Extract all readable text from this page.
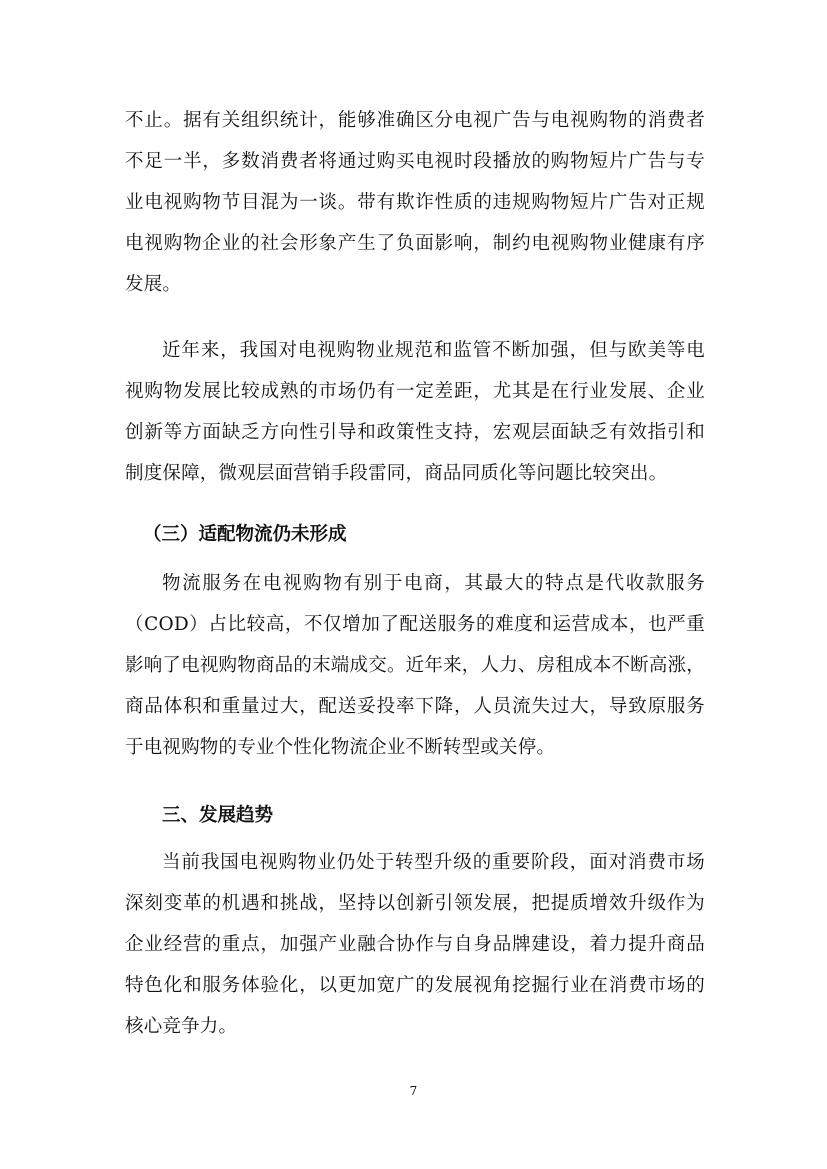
不止。据有关组织统计，能够准确区分电视广告与电视购物的消费者
不足一半，多数消费者将通过购买电视时段播放的购物短片广告与专
业电视购物节目混为一谈。带有欺诈性质的违规购物短片广告对正规
电视购物企业的社会形象产生了负面影响，制约电视购物业健康有序
发展。
近年来，我国对电视购物业规范和监管不断加强，但与欧美等电
视购物发展比较成熟的市场仍有一定差距，尤其是在行业发展、企业
创新等方面缺乏方向性引导和政策性支持，宏观层面缺乏有效指引和
制度保障，微观层面营销手段雷同，商品同质化等问题比较突出。
（三）适配物流仍未形成
物流服务在电视购物有别于电商，其最大的特点是代收款服务
（COD）占比较高，不仅增加了配送服务的难度和运营成本，也严重
影响了电视购物商品的末端成交。近年来，人力、房租成本不断高涨，
商品体积和重量过大，配送妥投率下降，人员流失过大，导致原服务
于电视购物的专业个性化物流企业不断转型或关停。
三、发展趋势
当前我国电视购物业仍处于转型升级的重要阶段，面对消费市场
深刻变革的机遇和挑战，坚持以创新引领发展，把提质增效升级作为
企业经营的重点，加强产业融合协作与自身品牌建设，着力提升商品
特色化和服务体验化，以更加宽广的发展视角挖掘行业在消费市场的
核心竞争力。
7
